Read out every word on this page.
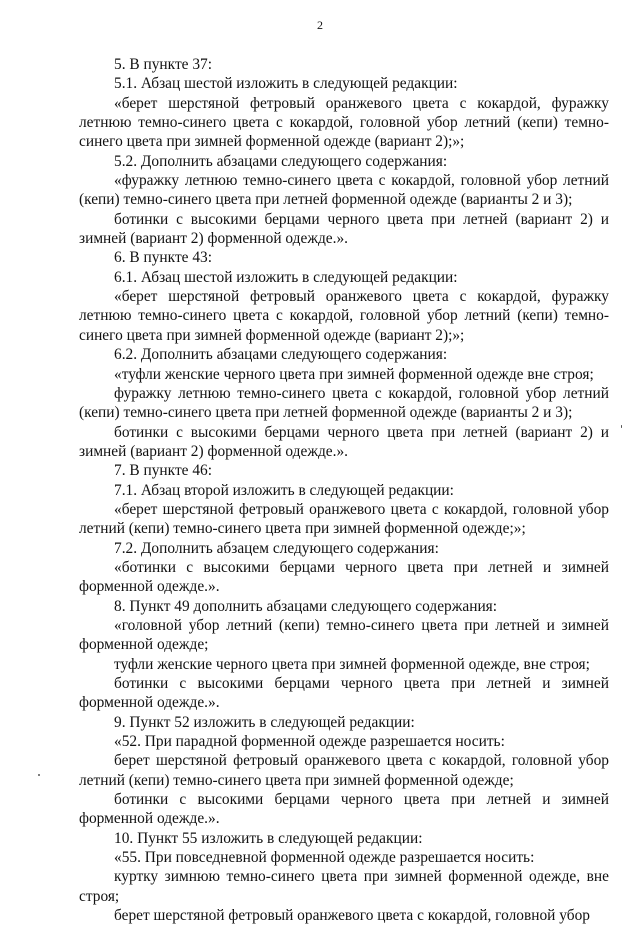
2

5. В пункте 37:

5.1. Абзац шестой изложить в следующей редакции:

«берет шерстяной фетровый оранжевого цвета с кокардой, фуражку летнюю темно-синего цвета с кокардой, головной убор летний (кепи) темно-синего цвета при зимней форменной одежде (вариант 2);»;

5.2. Дополнить абзацами следующего содержания:

«фуражку летнюю темно-синего цвета с кокардой, головной убор летний (кепи) темно-синего цвета при летней форменной одежде (варианты 2 и 3);

ботинки с высокими берцами черного цвета при летней (вариант 2) и зимней (вариант 2) форменной одежде.».

6. В пункте 43:

6.1. Абзац шестой изложить в следующей редакции:

«берет шерстяной фетровый оранжевого цвета с кокардой, фуражку летнюю темно-синего цвета с кокардой, головной убор летний (кепи) темно-синего цвета при зимней форменной одежде (вариант 2);»;

6.2. Дополнить абзацами следующего содержания:

«туфли женские черного цвета при зимней форменной одежде вне строя;

фуражку летнюю темно-синего цвета с кокардой, головной убор летний (кепи) темно-синего цвета при летней форменной одежде (варианты 2 и 3);

ботинки с высокими берцами черного цвета при летней (вариант 2) и зимней (вариант 2) форменной одежде.».

7. В пункте 46:

7.1. Абзац второй изложить в следующей редакции:

«берет шерстяной фетровый оранжевого цвета с кокардой, головной убор летний (кепи) темно-синего цвета при зимней форменной одежде;»;

7.2. Дополнить абзацем следующего содержания:

«ботинки с высокими берцами черного цвета при летней и зимней форменной одежде.».

8. Пункт 49 дополнить абзацами следующего содержания:

«головной убор летний (кепи) темно-синего цвета при летней и зимней форменной одежде;

туфли женские черного цвета при зимней форменной одежде, вне строя;

ботинки с высокими берцами черного цвета при летней и зимней форменной одежде.».

9. Пункт 52 изложить в следующей редакции:

«52. При парадной форменной одежде разрешается носить:

берет шерстяной фетровый оранжевого цвета с кокардой, головной убор летний (кепи) темно-синего цвета при зимней форменной одежде;

ботинки с высокими берцами черного цвета при летней и зимней форменной одежде.».

10. Пункт 55 изложить в следующей редакции:

«55. При повседневной форменной одежде разрешается носить:

куртку зимнюю темно-синего цвета при зимней форменной одежде, вне строя;

берет шерстяной фетровый оранжевого цвета с кокардой, головной убор
